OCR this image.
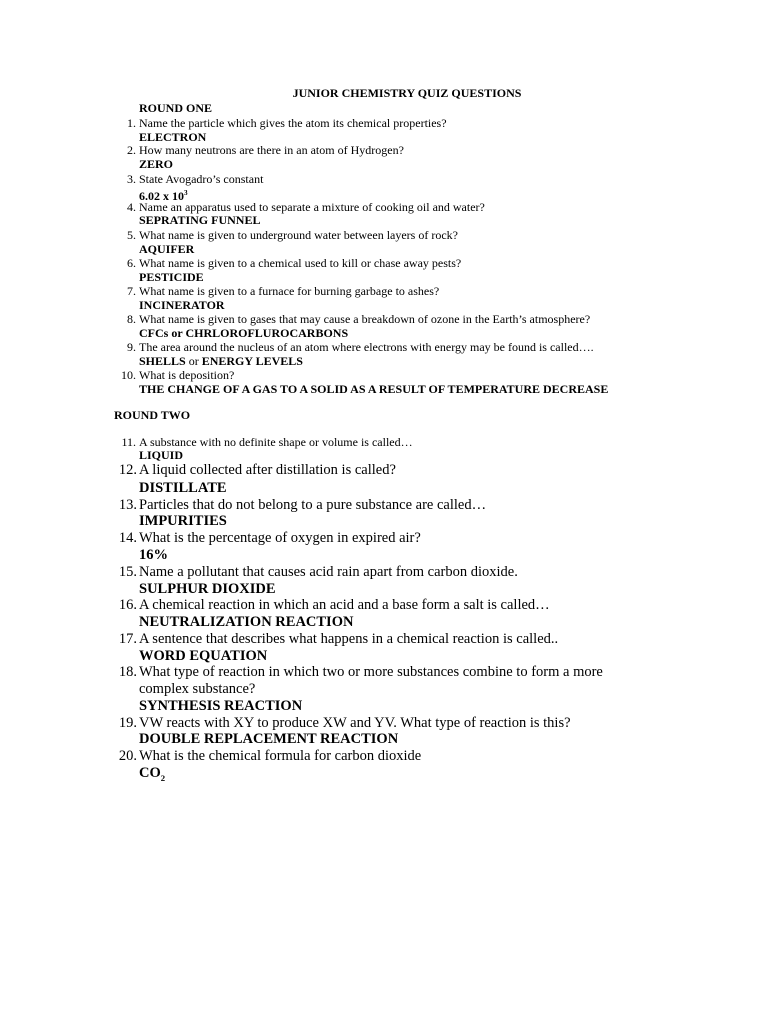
JUNIOR CHEMISTRY QUIZ QUESTIONS
ROUND ONE
1. Name the particle which gives the atom its chemical properties?
ELECTRON
2. How many neutrons are there in an atom of Hydrogen?
ZERO
3. State Avogadro’s constant
6.02 x $10^3$
4. Name an apparatus used to separate a mixture of cooking oil and water?
SEPRATING FUNNEL
5. What name is given to underground water between layers of rock?
AQUIFER
6. What name is given to a chemical used to kill or chase away pests?
PESTICIDE
7. What name is given to a furnace for burning garbage to ashes?
INCINERATOR
8. What name is given to gases that may cause a breakdown of ozone in the Earth’s atmosphere?
CFCs or CHRLOROFLUROCARBONS
9. The area around the nucleus of an atom where electrons with energy may be found is called….
SHELLS or ENERGY LEVELS
10. What is deposition?
THE CHANGE OF A GAS TO A SOLID AS A RESULT OF TEMPERATURE DECREASE
ROUND TWO
11. A substance with no definite shape or volume is called…
LIQUID
12. A liquid collected after distillation is called?
DISTILLATE
13. Particles that do not belong to a pure substance are called…
IMPURITIES
14. What is the percentage of oxygen in expired air?
16%
15. Name a pollutant that causes acid rain apart from carbon dioxide.
SULPHUR DIOXIDE
16. A chemical reaction in which an acid and a base form a salt is called…
NEUTRALIZATION REACTION
17. A sentence that describes what happens in a chemical reaction is called..
WORD EQUATION
18. What type of reaction in which two or more substances combine to form a more
complex substance?
SYNTHESIS REACTION
19. VW reacts with XY to produce XW and YV. What type of reaction is this?
DOUBLE REPLACEMENT REACTION
20. What is the chemical formula for carbon dioxide
$CO_2$
